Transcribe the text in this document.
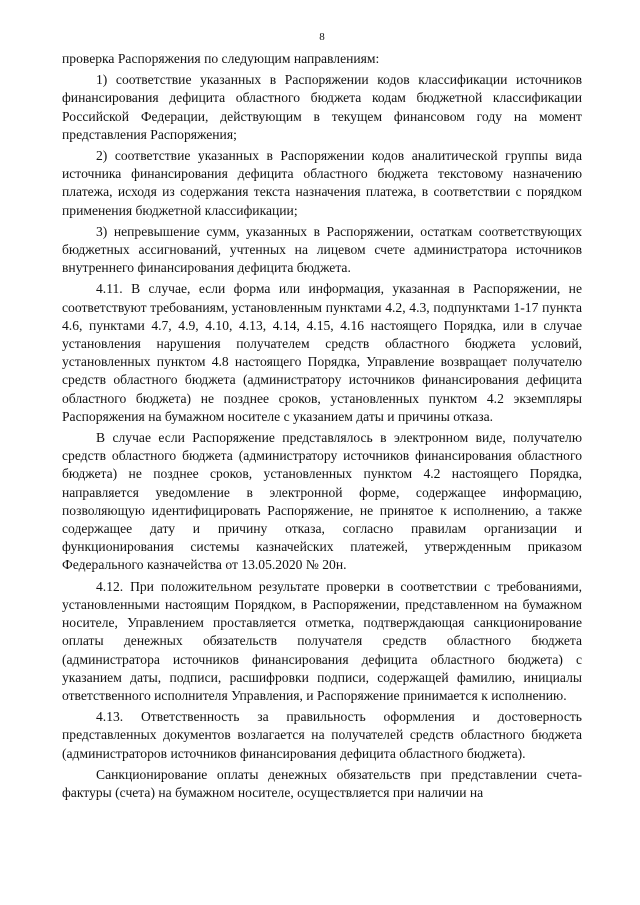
8

проверка Распоряжения по следующим направлениям:

1) соответствие указанных в Распоряжении кодов классификации источников финансирования дефицита областного бюджета кодам бюджетной классификации Российской Федерации, действующим в текущем финансовом году на момент представления Распоряжения;

2) соответствие указанных в Распоряжении кодов аналитической группы вида источника финансирования дефицита областного бюджета текстовому назначению платежа, исходя из содержания текста назначения платежа, в соответствии с порядком применения бюджетной классификации;

3) непревышение сумм, указанных в Распоряжении, остаткам соответствующих бюджетных ассигнований, учтенных на лицевом счете администратора источников внутреннего финансирования дефицита бюджета.

4.11. В случае, если форма или информация, указанная в Распоряжении, не соответствуют требованиям, установленным пунктами 4.2, 4.3, подпунктами 1-17 пункта 4.6, пунктами 4.7, 4.9, 4.10, 4.13, 4.14, 4.15, 4.16 настоящего Порядка, или в случае установления нарушения получателем средств областного бюджета условий, установленных пунктом 4.8 настоящего Порядка, Управление возвращает получателю средств областного бюджета (администратору источников финансирования дефицита областного бюджета) не позднее сроков, установленных пунктом 4.2 экземпляры Распоряжения на бумажном носителе с указанием даты и причины отказа.

В случае если Распоряжение представлялось в электронном виде, получателю средств областного бюджета (администратору источников финансирования областного бюджета) не позднее сроков, установленных пунктом 4.2 настоящего Порядка, направляется уведомление в электронной форме, содержащее информацию, позволяющую идентифицировать Распоряжение, не принятое к исполнению, а также содержащее дату и причину отказа, согласно правилам организации и функционирования системы казначейских платежей, утвержденным приказом Федерального казначейства от 13.05.2020 № 20н.

4.12. При положительном результате проверки в соответствии с требованиями, установленными настоящим Порядком, в Распоряжении, представленном на бумажном носителе, Управлением проставляется отметка, подтверждающая санкционирование оплаты денежных обязательств получателя средств областного бюджета (администратора источников финансирования дефицита областного бюджета) с указанием даты, подписи, расшифровки подписи, содержащей фамилию, инициалы ответственного исполнителя Управления, и Распоряжение принимается к исполнению.

4.13. Ответственность за правильность оформления и достоверность представленных документов возлагается на получателей средств областного бюджета (администраторов источников финансирования дефицита областного бюджета).

Санкционирование оплаты денежных обязательств при представлении счета-фактуры (счета) на бумажном носителе, осуществляется при наличии на
